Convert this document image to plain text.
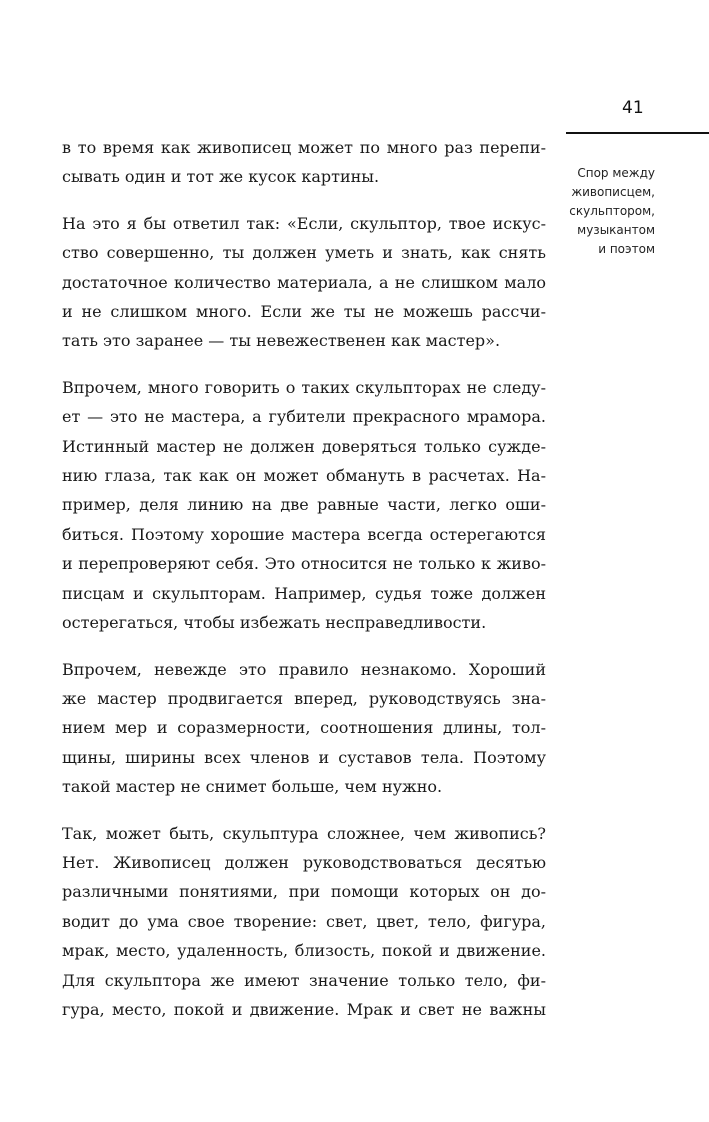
41
Спор между
живописцем,
скульптором,
музыкантом
и поэтом

в то время как живописец может по много раз перепи-
сывать один и тот же кусок картины.

На это я бы ответил так: «Если, скульптор, твое искус-
ство совершенно, ты должен уметь и знать, как снять
достаточное количество материала, а не слишком мало
и не слишком много. Если же ты не можешь рассчи-
тать это заранее — ты невежественен как мастер».

Впрочем, много говорить о таких скульпторах не следу-
ет — это не мастера, а губители прекрасного мрамора.
Истинный мастер не должен доверяться только сужде-
нию глаза, так как он может обмануть в расчетах. На-
пример, деля линию на две равные части, легко оши-
биться. Поэтому хорошие мастера всегда остерегаются
и перепроверяют себя. Это относится не только к живо-
писцам и скульпторам. Например, судья тоже должен
остерегаться, чтобы избежать несправедливости.

Впрочем, невежде это правило незнакомо. Хороший
же мастер продвигается вперед, руководствуясь зна-
нием мер и соразмерности, соотношения длины, тол-
щины, ширины всех членов и суставов тела. Поэтому
такой мастер не снимет больше, чем нужно.

Так, может быть, скульптура сложнее, чем живопись?
Нет. Живописец должен руководствоваться десятью
различными понятиями, при помощи которых он до-
водит до ума свое творение: свет, цвет, тело, фигура,
мрак, место, удаленность, близость, покой и движение.
Для скульптора же имеют значение только тело, фи-
гура, место, покой и движение. Мрак и свет не важны
